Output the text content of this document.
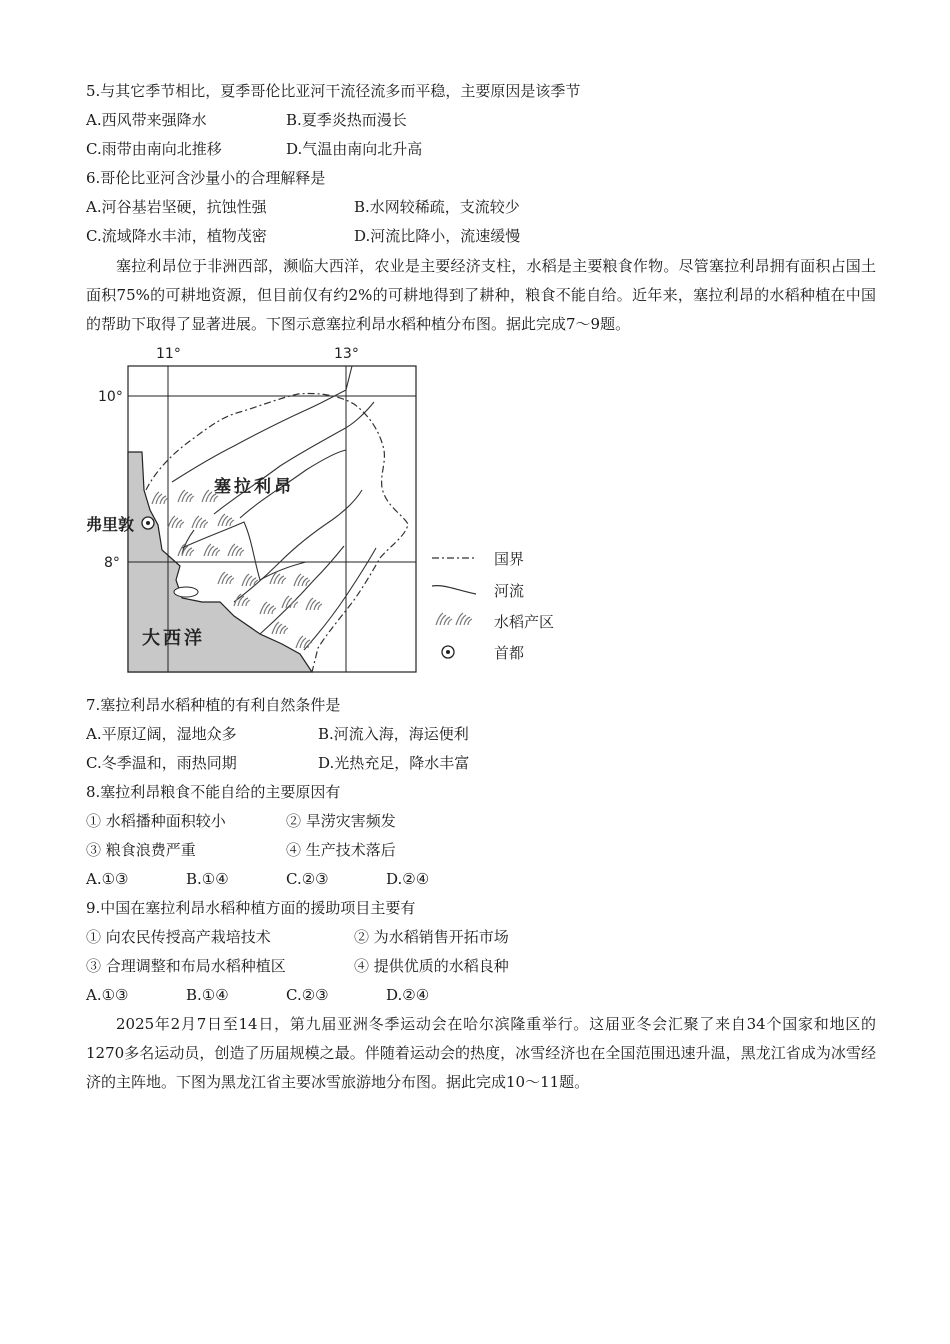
5.与其它季节相比，夏季哥伦比亚河干流径流多而平稳，主要原因是该季节
A.西风带来强降水	B.夏季炎热而漫长
C.雨带由南向北推移	D.气温由南向北升高
6.哥伦比亚河含沙量小的合理解释是
A.河谷基岩坚硬，抗蚀性强	B.水网较稀疏，支流较少
C.流域降水丰沛，植物茂密	D.河流比降小，流速缓慢
塞拉利昂位于非洲西部，濒临大西洋，农业是主要经济支柱，水稻是主要粮食作物。尽管塞拉利昂拥有面积占国土面积75%的可耕地资源，但目前仅有约2%的可耕地得到了耕种，粮食不能自给。近年来，塞拉利昂的水稻种植在中国的帮助下取得了显著进展。下图示意塞拉利昂水稻种植分布图。据此完成7～9题。
11°	13°
10°
8°
塞拉利昂
弗里敦
大西洋
国界
河流
水稻产区
首都
7.塞拉利昂水稻种植的有利自然条件是
A.平原辽阔，湿地众多	B.河流入海，海运便利
C.冬季温和，雨热同期	D.光热充足，降水丰富
8.塞拉利昂粮食不能自给的主要原因有
① 水稻播种面积较小	② 旱涝灾害频发
③ 粮食浪费严重	④ 生产技术落后
A.①③	B.①④	C.②③	D.②④
9.中国在塞拉利昂水稻种植方面的援助项目主要有
① 向农民传授高产栽培技术	② 为水稻销售开拓市场
③ 合理调整和布局水稻种植区	④ 提供优质的水稻良种
A.①③	B.①④	C.②③	D.②④
2025年2月7日至14日，第九届亚洲冬季运动会在哈尔滨隆重举行。这届亚冬会汇聚了来自34个国家和地区的1270多名运动员，创造了历届规模之最。伴随着运动会的热度，冰雪经济也在全国范围迅速升温，黑龙江省成为冰雪经济的主阵地。下图为黑龙江省主要冰雪旅游地分布图。据此完成10～11题。
